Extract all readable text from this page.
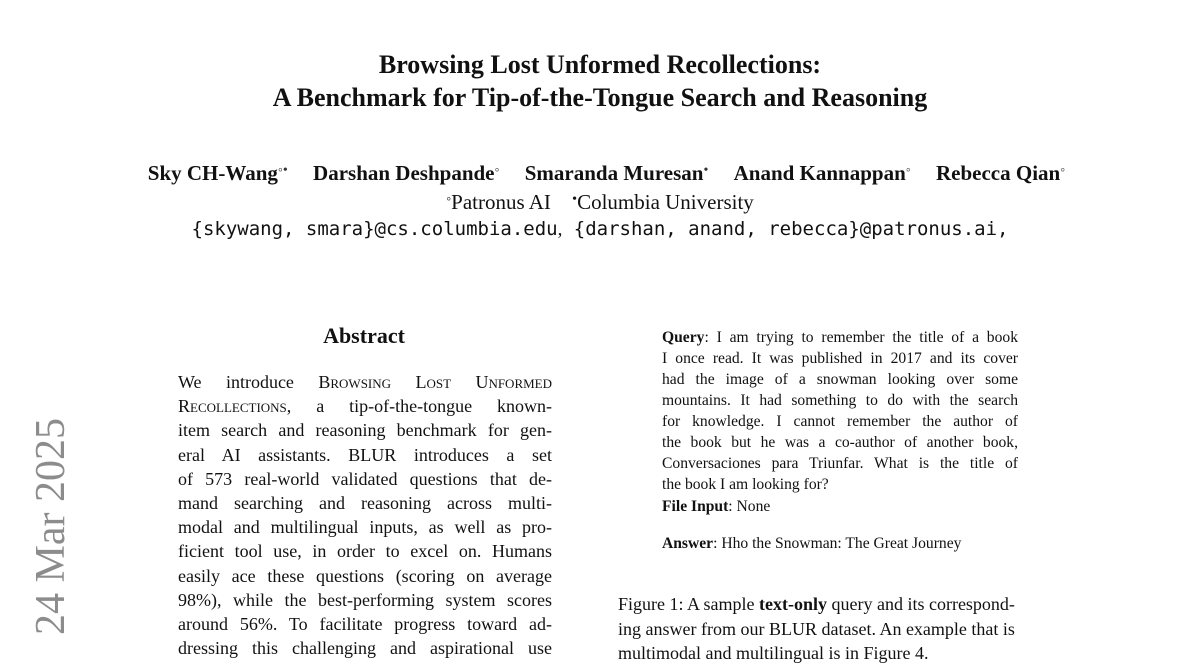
Browsing Lost Unformed Recollections:
A Benchmark for Tip-of-the-Tongue Search and Reasoning
Sky CH-Wang◦• Darshan Deshpande◦ Smaranda Muresan• Anand Kannappan◦ Rebecca Qian◦
◦Patronus AI •Columbia University
{skywang, smara}@cs.columbia.edu, {darshan, anand, rebecca}@patronus.ai,
24 Mar 2025
Abstract
We introduce Browsing Lost Unformed
Recollections, a tip-of-the-tongue known-
item search and reasoning benchmark for gen-
eral AI assistants. BLUR introduces a set
of 573 real-world validated questions that de-
mand searching and reasoning across multi-
modal and multilingual inputs, as well as pro-
ficient tool use, in order to excel on. Humans
easily ace these questions (scoring on average
98%), while the best-performing system scores
around 56%. To facilitate progress toward ad-
dressing this challenging and aspirational use
Query: I am trying to remember the title of a book
I once read. It was published in 2017 and its cover
had the image of a snowman looking over some
mountains. It had something to do with the search
for knowledge. I cannot remember the author of
the book but he was a co-author of another book,
Conversaciones para Triunfar. What is the title of
the book I am looking for?
File Input: None
Answer: Hho the Snowman: The Great Journey
Figure 1: A sample text-only query and its correspond-
ing answer from our BLUR dataset. An example that is
multimodal and multilingual is in Figure 4.
